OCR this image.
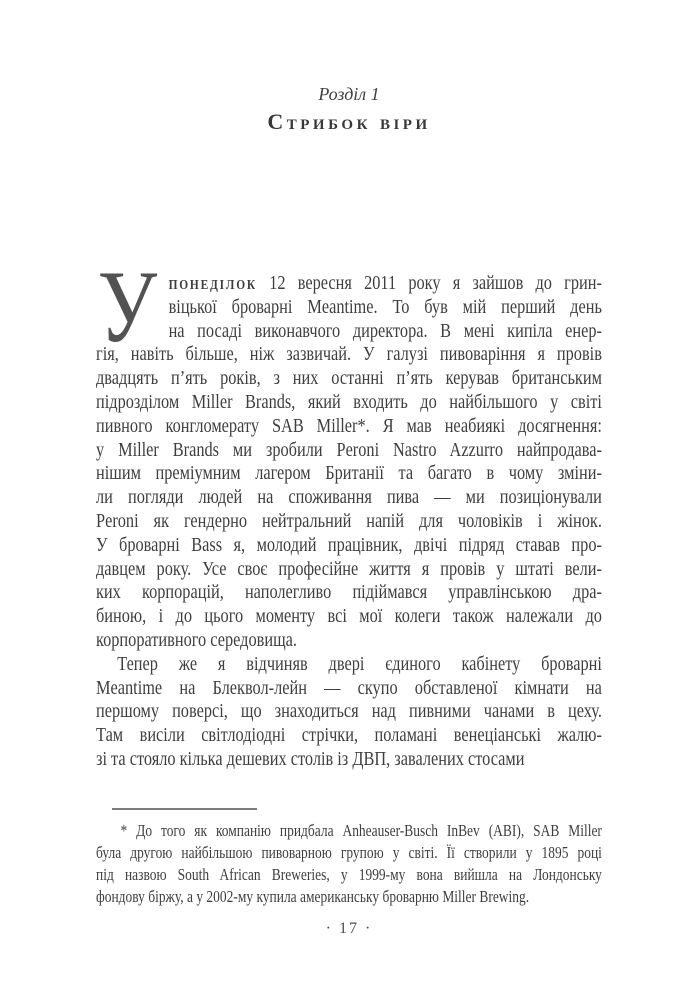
Розділ 1
Стрибок віри
У понеділок 12 вересня 2011 року я зайшов до грин-
віцької броварні Meantime. То був мій перший день
на посаді виконавчого директора. В мені кипіла енер-
гія, навіть більше, ніж зазвичай. У галузі пивоваріння я провів
двадцять п’ять років, з них останні п’ять керував британським
підрозділом Miller Brands, який входить до найбільшого у світі
пивного конгломерату SAB Miller*. Я мав неабиякі досягнення:
у Miller Brands ми зробили Peroni Nastro Azzurro найпродава-
нішим преміумним лагером Британії та багато в чому зміни-
ли погляди людей на споживання пива — ми позиціонували
Peroni як гендерно нейтральний напій для чоловіків і жінок.
У броварні Bass я, молодий працівник, двічі підряд ставав про-
давцем року. Усе своє професійне життя я провів у штаті вели-
ких корпорацій, наполегливо підіймався управлінською дра-
биною, і до цього моменту всі мої колеги також належали до
корпоративного середовища.
Тепер же я відчиняв двері єдиного кабінету броварні
Meantime на Блеквол-лейн — скупо обставленої кімнати на
першому поверсі, що знаходиться над пивними чанами в цеху.
Там висіли світлодіодні стрічки, поламані венеціанські жалю-
зі та стояло кілька дешевих столів із ДВП, завалених стосами
* До того як компанію придбала Anheauser-Busch InBev (АВІ), SAB Miller
була другою найбільшою пивоварною групою у світі. Її створили у 1895 році
під назвою South African Breweries, у 1999-му вона вийшла на Лондонську
фондову біржу, а у 2002-му купила американську броварню Miller Brewing.
· 17 ·
